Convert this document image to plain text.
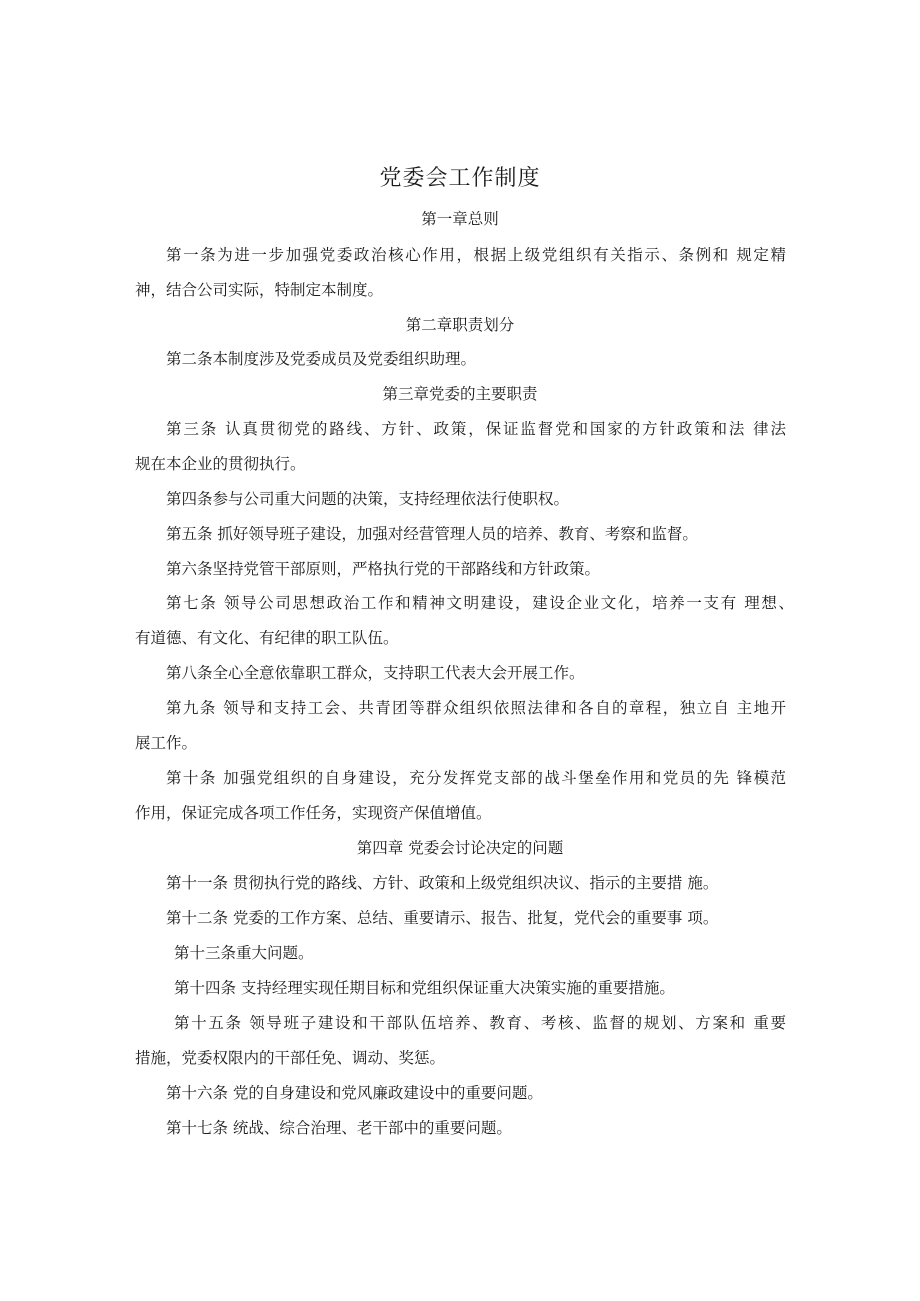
党委会工作制度
第一章总则
第一条为进一步加强党委政治核心作用，根据上级党组织有关指示、条例和 规定精
神，结合公司实际，特制定本制度。
第二章职责划分
第二条本制度涉及党委成员及党委组织助理。
第三章党委的主要职责
第三条 认真贯彻党的路线、方针、政策，保证监督党和国家的方针政策和法 律法
规在本企业的贯彻执行。
第四条参与公司重大问题的决策，支持经理依法行使职权。
第五条 抓好领导班子建设，加强对经营管理人员的培养、教育、考察和监督。
第六条坚持党管干部原则，严格执行党的干部路线和方针政策。
第七条 领导公司思想政治工作和精神文明建设，建设企业文化，培养一支有 理想、
有道德、有文化、有纪律的职工队伍。
第八条全心全意依靠职工群众，支持职工代表大会开展工作。
第九条 领导和支持工会、共青团等群众组织依照法律和各自的章程，独立自 主地开
展工作。
第十条 加强党组织的自身建设，充分发挥党支部的战斗堡垒作用和党员的先 锋模范
作用，保证完成各项工作任务，实现资产保值增值。
第四章 党委会讨论决定的问题
第十一条 贯彻执行党的路线、方针、政策和上级党组织决议、指示的主要措 施。
第十二条 党委的工作方案、总结、重要请示、报告、批复，党代会的重要事 项。
第十三条重大问题。
第十四条 支持经理实现任期目标和党组织保证重大决策实施的重要措施。
第十五条 领导班子建设和干部队伍培养、教育、考核、监督的规划、方案和 重要
措施，党委权限内的干部任免、调动、奖惩。
第十六条 党的自身建设和党风廉政建设中的重要问题。
第十七条 统战、综合治理、老干部中的重要问题。
